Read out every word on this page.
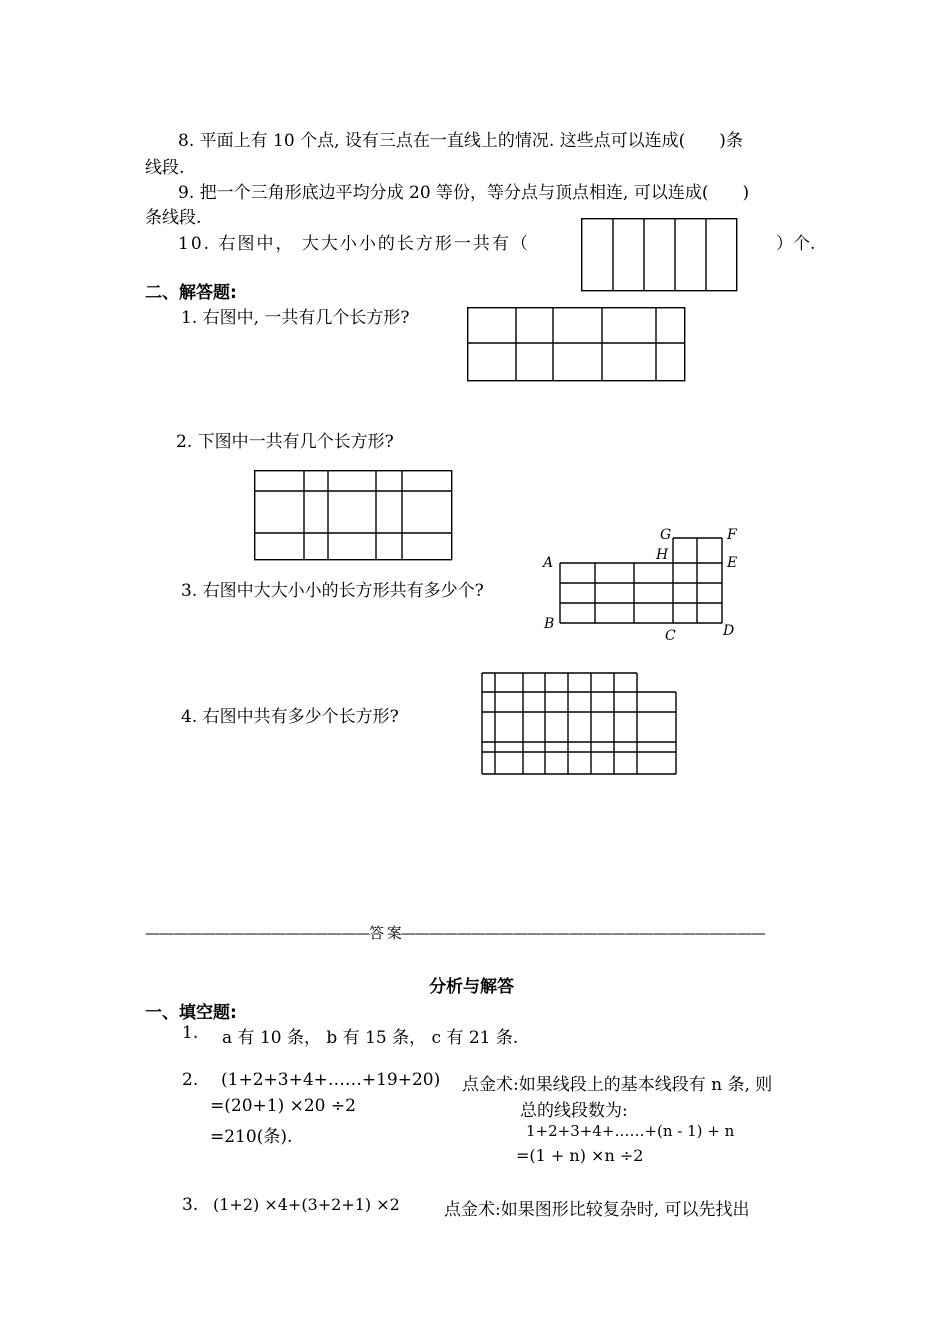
8. 平面上有 10 个点, 设有三点在一直线上的情况. 这些点可以连成(　　)条
线段.
9. 把一个三角形底边平均分成 20 等份，等分点与顶点相连, 可以连成(　　)
条线段.
10. 右图中， 大大小小的长方形一共有（	）个.
二、解答题:
1. 右图中, 一共有几个长方形?
2. 下图中一共有几个长方形?
3. 右图中大大小小的长方形共有多少个?
A
B
C	D
E
F
G
H
4. 右图中共有多少个长方形?
————————————————答 案——————————————————————————
分析与解答
一、填空题:
1. a 有 10 条， b 有 15 条， c 有 21 条.
2. (1+2+3+4+……+19+20)
=(20+1) ×20 ÷2
=210(条).
点金术:如果线段上的基本线段有 n 条, 则
总的线段数为:
1+2+3+4+……+(n - 1) + n
=(1 + n) ×n ÷2
3. (1+2) ×4+(3+2+1) ×2	点金术:如果图形比较复杂时, 可以先找出
